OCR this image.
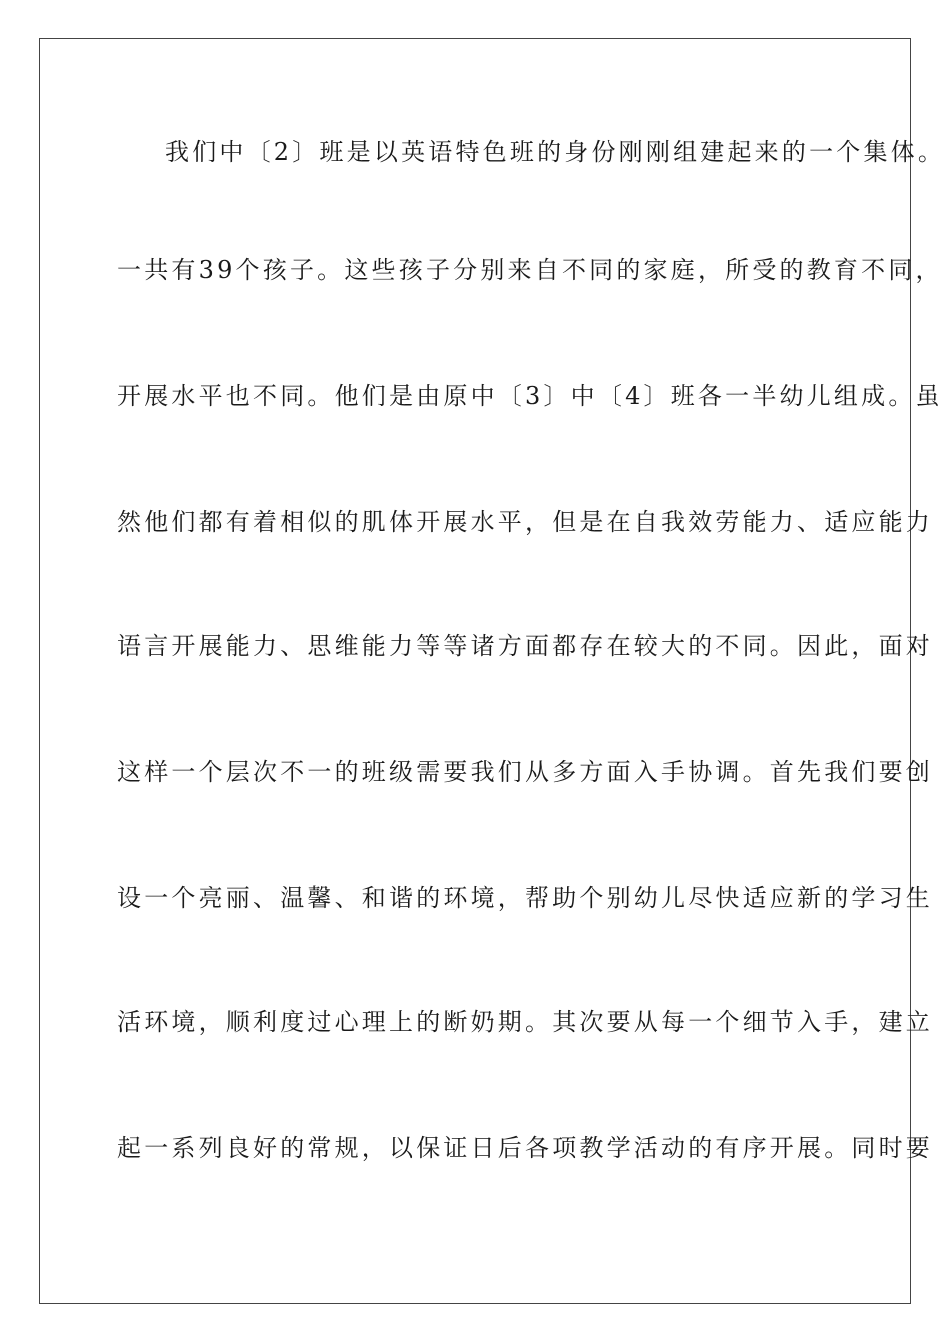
我们中〔2〕班是以英语特色班的身份刚刚组建起来的一个集体。

一共有39个孩子。这些孩子分别来自不同的家庭，所受的教育不同，

开展水平也不同。他们是由原中〔3〕中〔4〕班各一半幼儿组成。虽

然他们都有着相似的肌体开展水平，但是在自我效劳能力、适应能力

语言开展能力、思维能力等等诸方面都存在较大的不同。因此，面对

这样一个层次不一的班级需要我们从多方面入手协调。首先我们要创

设一个亮丽、温馨、和谐的环境，帮助个别幼儿尽快适应新的学习生

活环境，顺利度过心理上的断奶期。其次要从每一个细节入手，建立

起一系列良好的常规，以保证日后各项教学活动的有序开展。同时要
